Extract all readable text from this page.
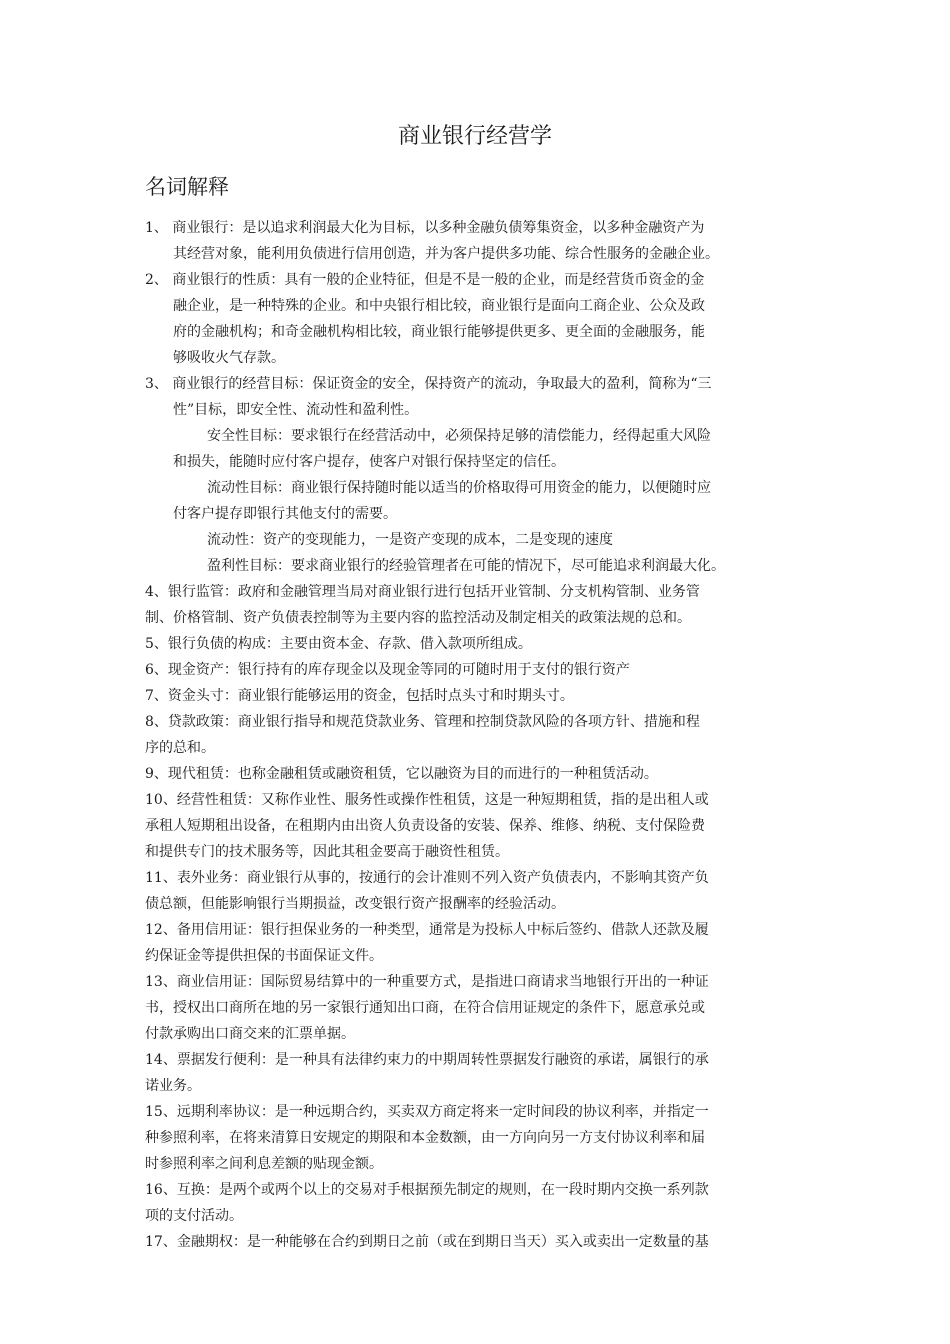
商业银行经营学
名词解释
1、 商业银行：是以追求利润最大化为目标，以多种金融负债筹集资金，以多种金融资产为
其经营对象，能利用负债进行信用创造，并为客户提供多功能、综合性服务的金融企业。
2、 商业银行的性质：具有一般的企业特征，但是不是一般的企业，而是经营货币资金的金
融企业，是一种特殊的企业。和中央银行相比较，商业银行是面向工商企业、公众及政
府的金融机构；和奇金融机构相比较，商业银行能够提供更多、更全面的金融服务，能
够吸收火气存款。
3、 商业银行的经营目标：保证资金的安全，保持资产的流动，争取最大的盈利，简称为“三
性”目标，即安全性、流动性和盈利性。
安全性目标：要求银行在经营活动中，必须保持足够的清偿能力，经得起重大风险
和损失，能随时应付客户提存，使客户对银行保持坚定的信任。
流动性目标：商业银行保持随时能以适当的价格取得可用资金的能力，以便随时应
付客户提存即银行其他支付的需要。
流动性：资产的变现能力，一是资产变现的成本，二是变现的速度
盈利性目标：要求商业银行的经验管理者在可能的情况下，尽可能追求利润最大化。
4、银行监管：政府和金融管理当局对商业银行进行包括开业管制、分支机构管制、业务管
制、价格管制、资产负债表控制等为主要内容的监控活动及制定相关的政策法规的总和。
5、银行负债的构成：主要由资本金、存款、借入款项所组成。
6、现金资产：银行持有的库存现金以及现金等同的可随时用于支付的银行资产
7、资金头寸：商业银行能够运用的资金，包括时点头寸和时期头寸。
8、贷款政策：商业银行指导和规范贷款业务、管理和控制贷款风险的各项方针、措施和程
序的总和。
9、现代租赁：也称金融租赁或融资租赁，它以融资为目的而进行的一种租赁活动。
10、经营性租赁：又称作业性、服务性或操作性租赁，这是一种短期租赁，指的是出租人或
承租人短期租出设备，在租期内由出资人负责设备的安装、保养、维修、纳税、支付保险费
和提供专门的技术服务等，因此其租金要高于融资性租赁。
11、表外业务：商业银行从事的，按通行的会计准则不列入资产负债表内，不影响其资产负
债总额，但能影响银行当期损益，改变银行资产报酬率的经验活动。
12、备用信用证：银行担保业务的一种类型，通常是为投标人中标后签约、借款人还款及履
约保证金等提供担保的书面保证文件。
13、商业信用证：国际贸易结算中的一种重要方式，是指进口商请求当地银行开出的一种证
书，授权出口商所在地的另一家银行通知出口商，在符合信用证规定的条件下，愿意承兑或
付款承购出口商交来的汇票单据。
14、票据发行便利：是一种具有法律约束力的中期周转性票据发行融资的承诺，属银行的承
诺业务。
15、远期利率协议：是一种远期合约，买卖双方商定将来一定时间段的协议利率，并指定一
种参照利率，在将来清算日安规定的期限和本金数额，由一方向向另一方支付协议利率和届
时参照利率之间利息差额的贴现金额。
16、互换：是两个或两个以上的交易对手根据预先制定的规则，在一段时期内交换一系列款
项的支付活动。
17、金融期权：是一种能够在合约到期日之前（或在到期日当天）买入或卖出一定数量的基
